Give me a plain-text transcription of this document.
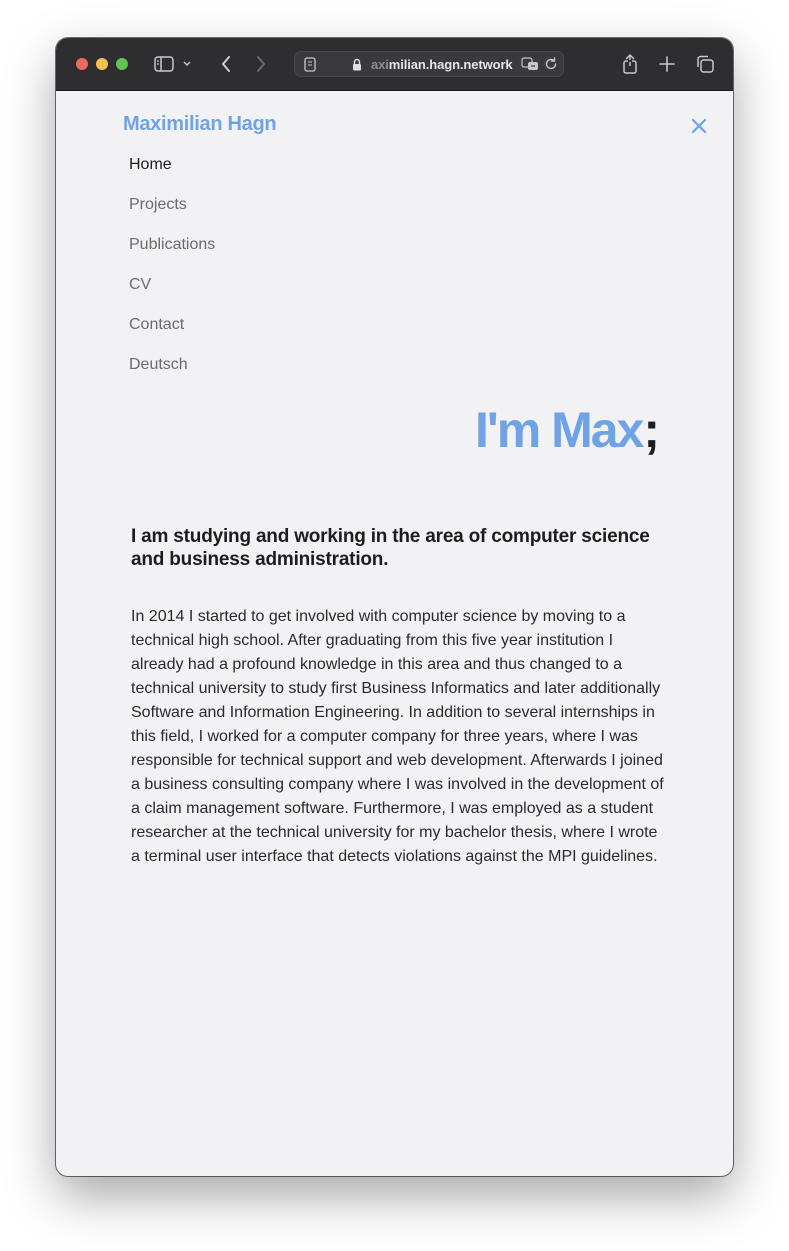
aximilian.hagn.network
Maximilian Hagn
Home
Projects
Publications
CV
Contact
Deutsch
I'm Max;
I am studying and working in the area of computer science and business administration.
In 2014 I started to get involved with computer science by moving to a technical high school. After graduating from this five year institution I already had a profound knowledge in this area and thus changed to a technical university to study first Business Informatics and later additionally Software and Information Engineering. In addition to several internships in this field, I worked for a computer company for three years, where I was responsible for technical support and web development. Afterwards I joined a business consulting company where I was involved in the development of a claim management software. Furthermore, I was employed as a student researcher at the technical university for my bachelor thesis, where I wrote a terminal user interface that detects violations against the MPI guidelines.
